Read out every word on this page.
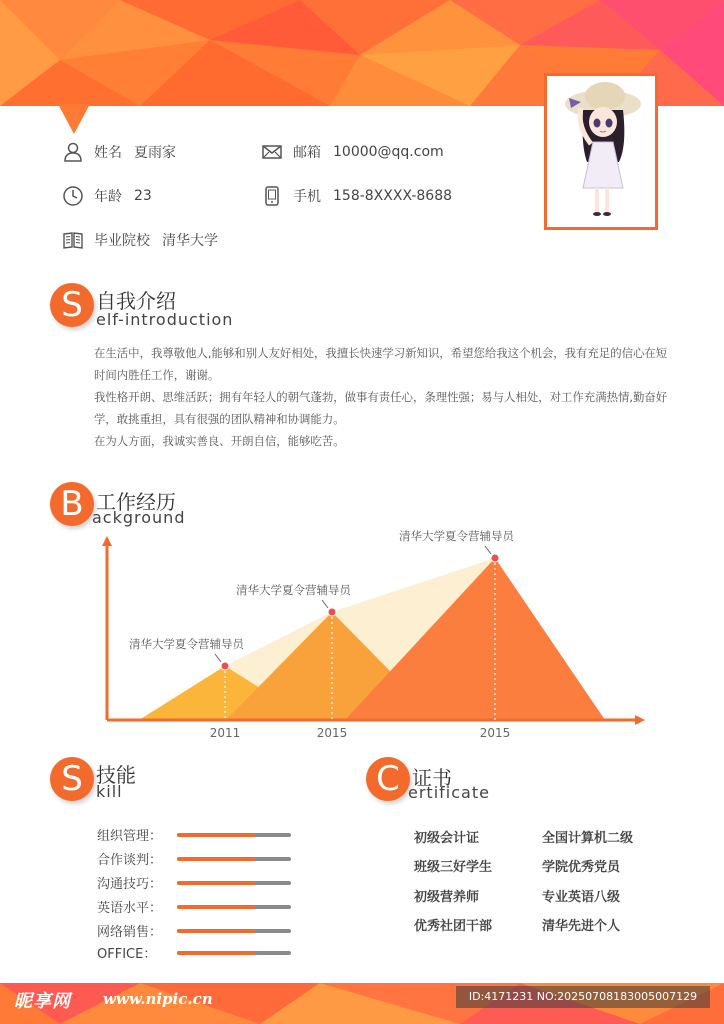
姓名 夏雨家	邮箱 10000@qq.com
年龄 23	手机 158-8XXXX-8688
毕业院校 清华大学
S 自我介绍
elf-introduction

在生活中，我尊敬他人,能够和别人友好相处，我擅长快速学习新知识，希望您给我这个机会，我有充足的信心在短时间内胜任工作，谢谢。

我性格开朗、思维活跃；拥有年轻人的朝气蓬勃，做事有责任心，条理性强；易与人相处，对工作充满热情,勤奋好学，敢挑重担，具有很强的团队精神和协调能力。

在为人方面，我诚实善良、开朗自信，能够吃苦。

B 工作经历
ackground
清华大学夏令营辅导员
2011
清华大学夏令营辅导员
2015
清华大学夏令营辅导员
2015
S 技能
kill
组织管理：
合作谈判：
沟通技巧：
英语水平：
网络销售：
OFFICE：
C 证书
ertificate
初级会计证	全国计算机二级
班级三好学生	学院优秀党员
初级营养师	专业英语八级
优秀社团干部	清华先进个人
昵享网 www.nipic.cn	ID:4171231 NO:20250708183005007129
